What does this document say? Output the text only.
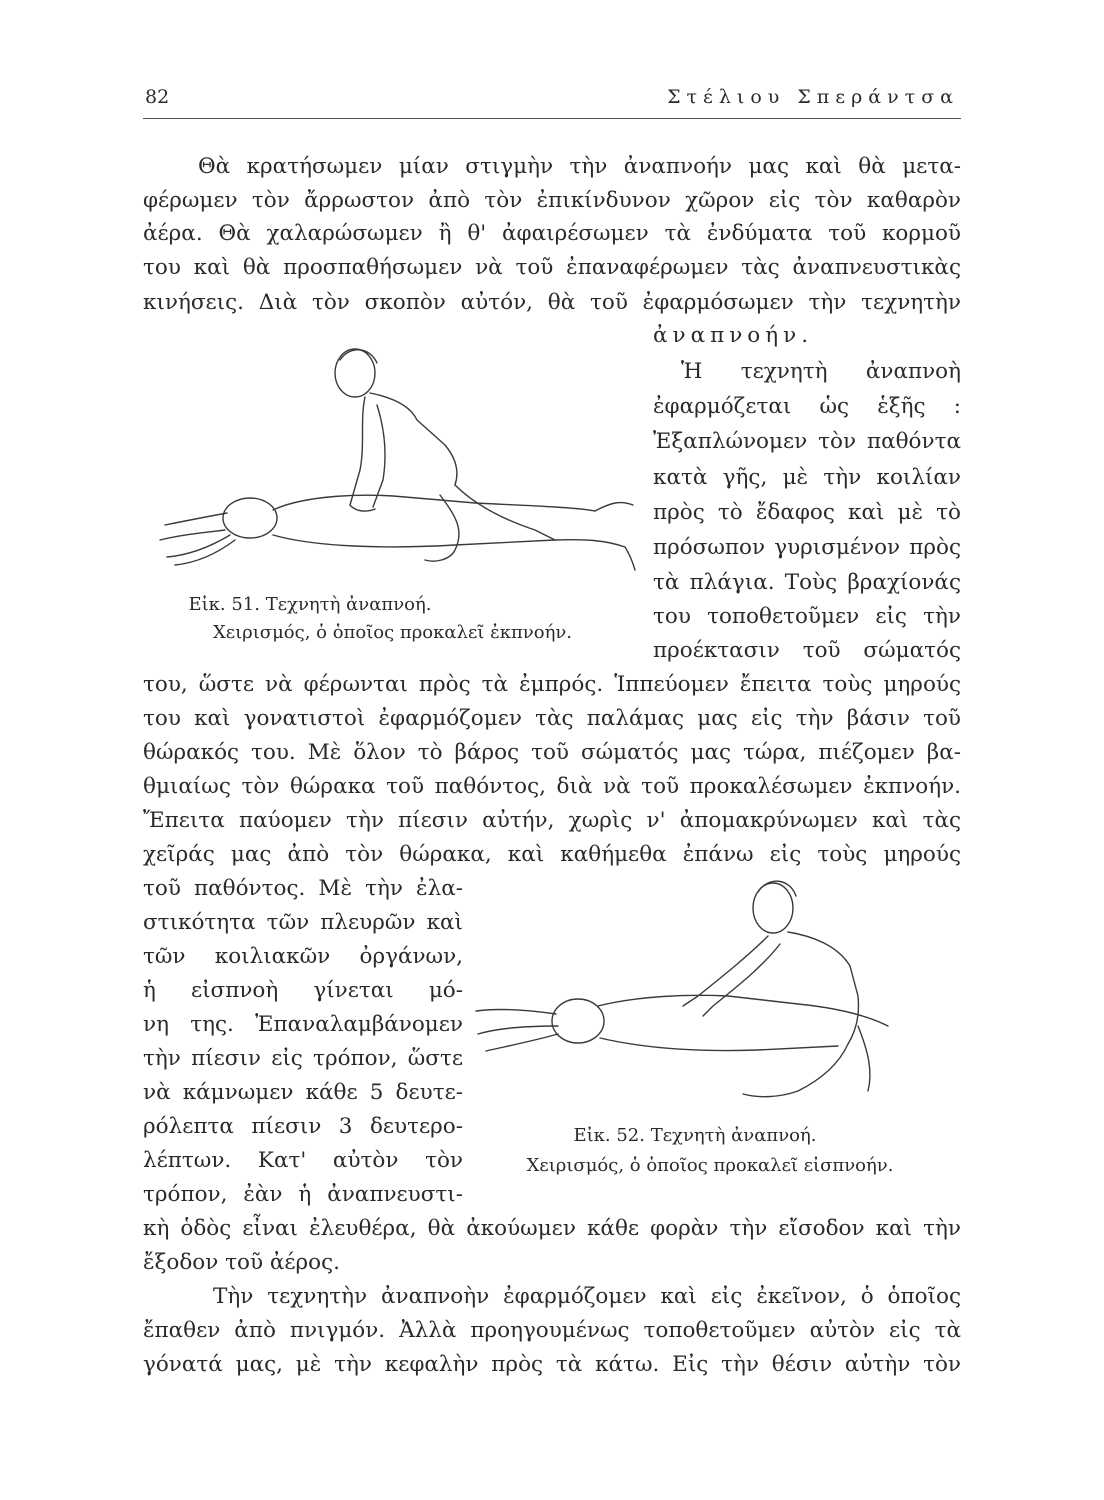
82	Στέλιου Σπεράντσα
Θὰ κρατήσωμεν μίαν στιγμὴν τὴν ἀναπνοήν μας καὶ θὰ μετα-
φέρωμεν τὸν ἄρρωστον ἀπὸ τὸν ἐπικίνδυνον χῶρον εἰς τὸν καθαρὸν
ἀέρα. Θὰ χαλαρώσωμεν ἢ θ' ἀφαιρέσωμεν τὰ ἐνδύματα τοῦ κορμοῦ
του καὶ θὰ προσπαθήσωμεν νὰ τοῦ ἐπαναφέρωμεν τὰς ἀναπνευστικὰς
κινήσεις. Διὰ τὸν σκοπὸν αὐτόν, θὰ τοῦ ἐφαρμόσωμεν τὴν τεχνητὴν
ἀναπνοήν.
Ἡ τεχνητὴ ἀναπνοὴ
ἐφαρμόζεται ὡς ἑξῆς :
Ἐξαπλώνομεν τὸν παθόντα
κατὰ γῆς, μὲ τὴν κοιλίαν
πρὸς τὸ ἔδαφος καὶ μὲ τὸ
πρόσωπον γυρισμένον πρὸς
τὰ πλάγια. Τοὺς βραχίονάς
του τοποθετοῦμεν εἰς τὴν
προέκτασιν τοῦ σώματός
του, ὥστε νὰ φέρωνται πρὸς τὰ ἐμπρός. Ἱππεύομεν ἔπειτα τοὺς μηρούς
του καὶ γονατιστοὶ ἐφαρμόζομεν τὰς παλάμας μας εἰς τὴν βάσιν τοῦ
θώρακός του. Μὲ ὅλον τὸ βάρος τοῦ σώματός μας τώρα, πιέζομεν βα-
θμιαίως τὸν θώρακα τοῦ παθόντος, διὰ νὰ τοῦ προκαλέσωμεν ἐκπνοήν.
Ἔπειτα παύομεν τὴν πίεσιν αὐτήν, χωρὶς ν' ἀπομακρύνωμεν καὶ τὰς
χεῖράς μας ἀπὸ τὸν θώρακα, καὶ καθήμεθα ἐπάνω εἰς τοὺς μηρούς
τοῦ παθόντος. Μὲ τὴν ἐλα-
στικότητα τῶν πλευρῶν καὶ
τῶν κοιλιακῶν ὀργάνων,
ἡ εἰσπνοὴ γίνεται μό-
νη της. Ἐπαναλαμβάνομεν
τὴν πίεσιν εἰς τρόπον, ὥστε
νὰ κάμνωμεν κάθε 5 δευτε-
ρόλεπτα πίεσιν 3 δευτερο-
λέπτων. Κατ' αὐτὸν τὸν
τρόπον, ἐὰν ἡ ἀναπνευστι-
κὴ ὁδὸς εἶναι ἐλευθέρα, θὰ ἀκούωμεν κάθε φορὰν τὴν εἴσοδον καὶ τὴν
ἔξοδον τοῦ ἀέρος.
Τὴν τεχνητὴν ἀναπνοὴν ἐφαρμόζομεν καὶ εἰς ἐκεῖνον, ὁ ὁποῖος
ἔπαθεν ἀπὸ πνιγμόν. Ἀλλὰ προηγουμένως τοποθετοῦμεν αὐτὸν εἰς τὰ
γόνατά μας, μὲ τὴν κεφαλὴν πρὸς τὰ κάτω. Εἰς τὴν θέσιν αὐτὴν τὸν
Εἰκ. 51. Τεχνητὴ ἀναπνοή.
Χειρισμός, ὁ ὁποῖος προκαλεῖ ἐκπνοήν.
Εἰκ. 52. Τεχνητὴ ἀναπνοή.
Χειρισμός, ὁ ὁποῖος προκαλεῖ εἰσπνοήν.
